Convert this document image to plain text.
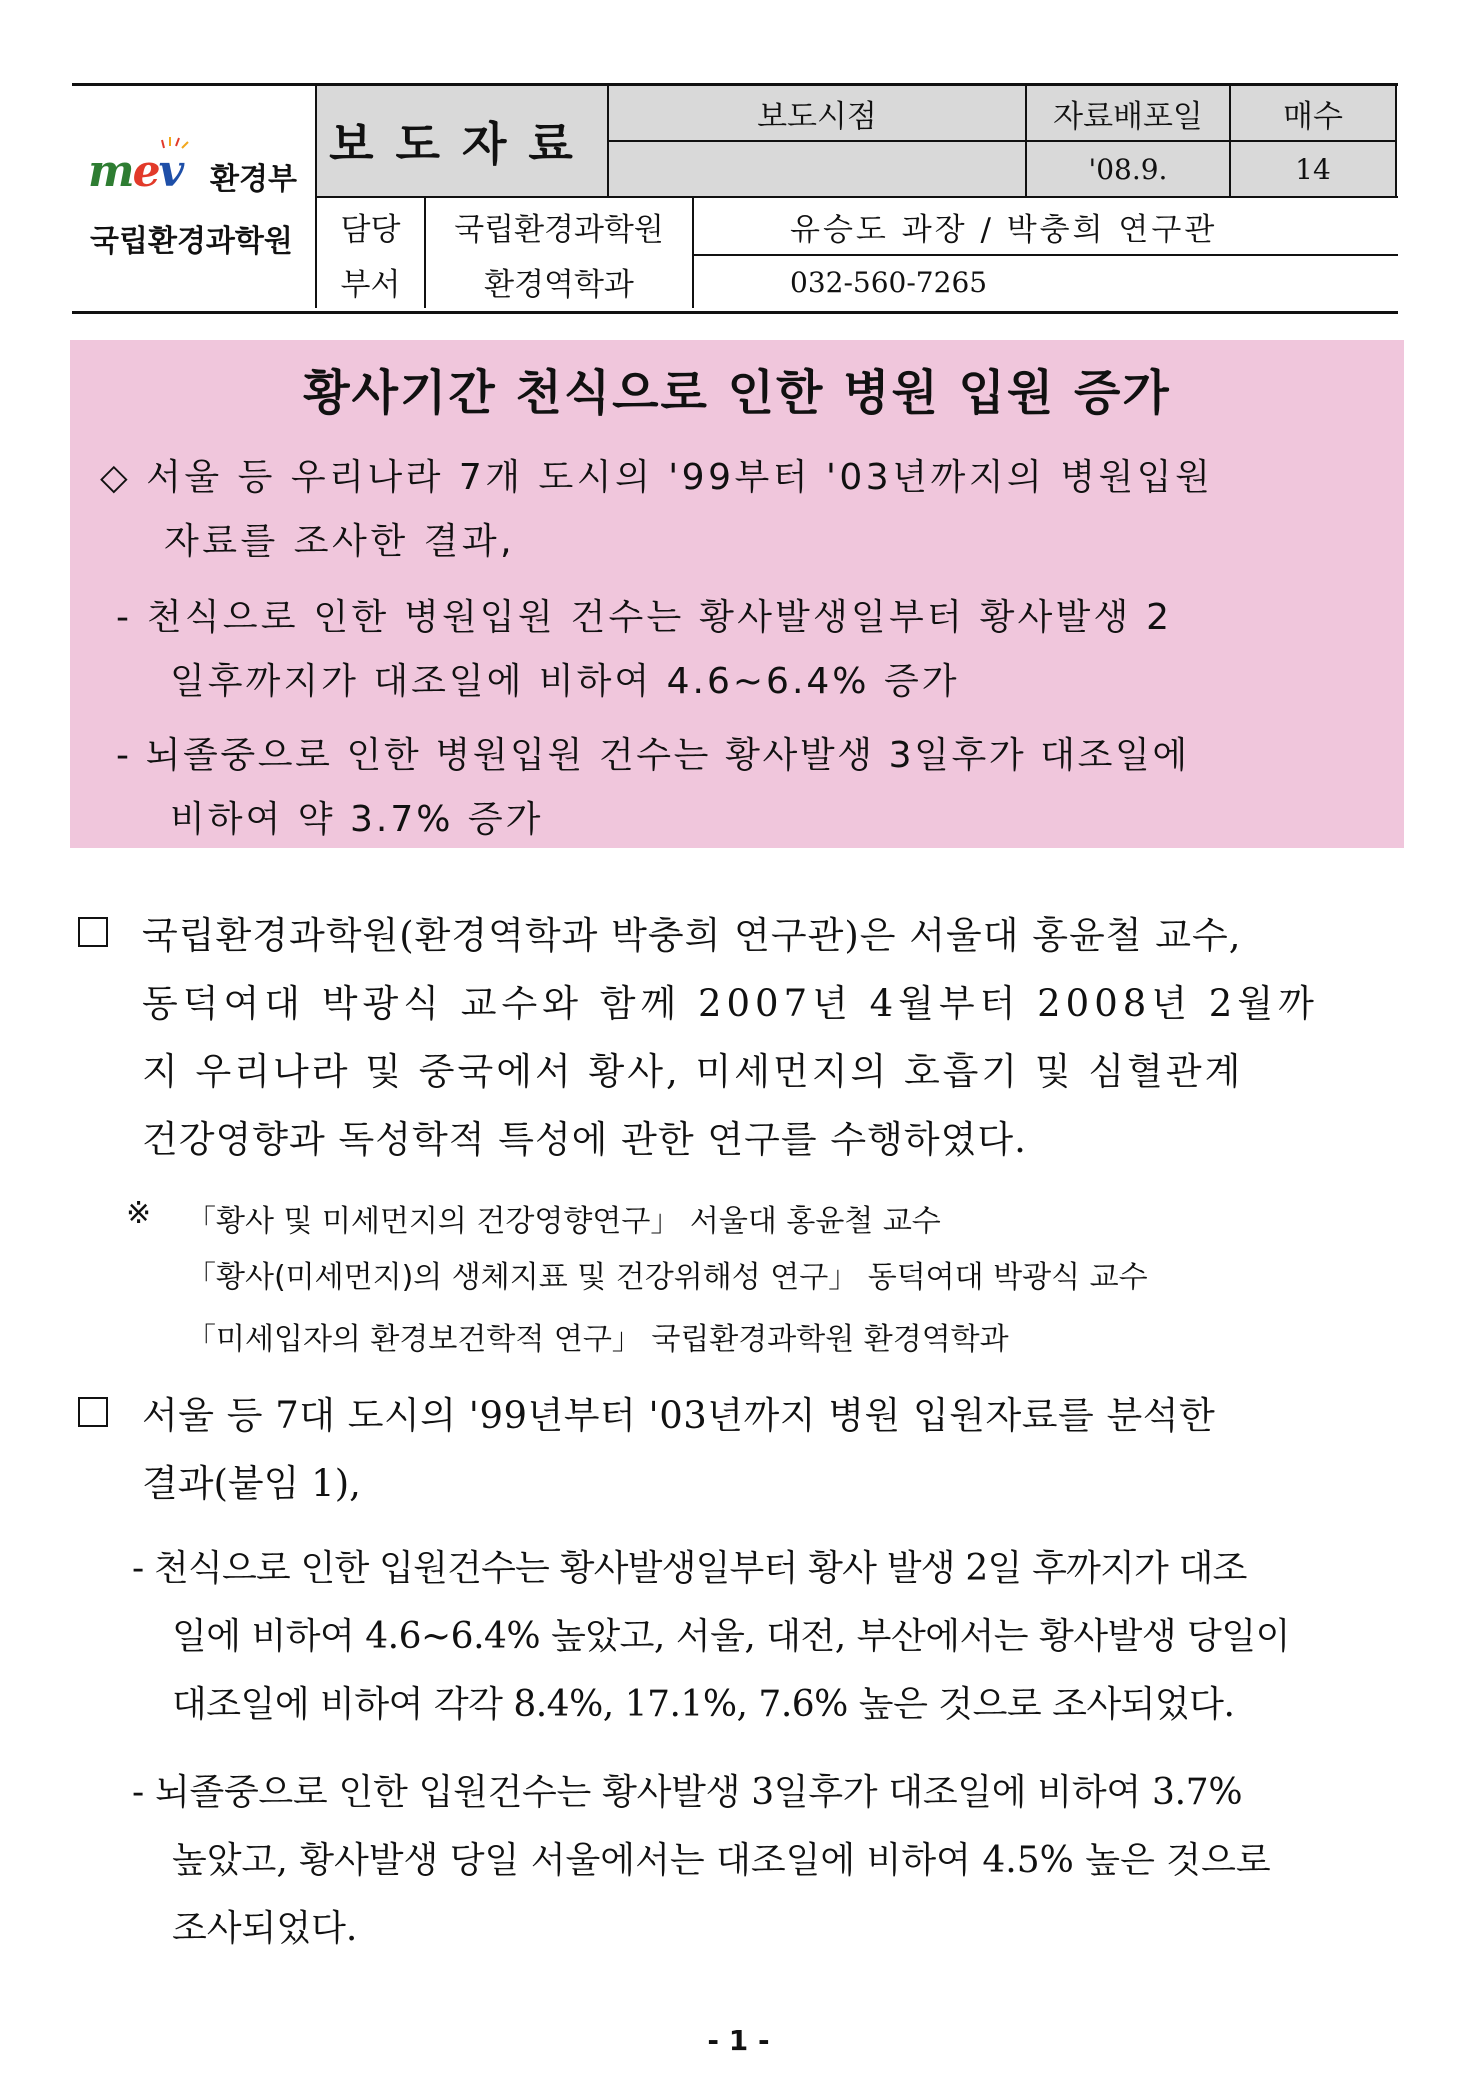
mev 환경부
국립환경과학원
보도자료
보도시점	자료배포일
'08.9.
매수
14
담당
부서
국립환경과학원
환경역학과
유승도 과장 / 박충희 연구관
032-560-7265
황사기간 천식으로 인한 병원 입원 증가
◇ 서울 등 우리나라 7개 도시의 '99부터 '03년까지의 병원입원
자료를 조사한 결과,
- 천식으로 인한 병원입원 건수는 황사발생일부터 황사발생 2
일후까지가 대조일에 비하여 4.6~6.4% 증가
- 뇌졸중으로 인한 병원입원 건수는 황사발생 3일후가 대조일에
비하여 약 3.7% 증가
국립환경과학원(환경역학과 박충희 연구관)은 서울대 홍윤철 교수,
동덕여대 박광식 교수와 함께 2007년 4월부터 2008년 2월까
지 우리나라 및 중국에서 황사, 미세먼지의 호흡기 및 심혈관계
건강영향과 독성학적 특성에 관한 연구를 수행하였다.
※ 「황사 및 미세먼지의 건강영향연구」 서울대 홍윤철 교수
「황사(미세먼지)의 생체지표 및 건강위해성 연구」 동덕여대 박광식 교수
「미세입자의 환경보건학적 연구」 국립환경과학원 환경역학과
서울 등 7대 도시의 '99년부터 '03년까지 병원 입원자료를 분석한
결과(붙임 1),
- 천식으로 인한 입원건수는 황사발생일부터 황사 발생 2일 후까지가 대조
일에 비하여 4.6~6.4% 높았고, 서울, 대전, 부산에서는 황사발생 당일이
대조일에 비하여 각각 8.4%, 17.1%, 7.6% 높은 것으로 조사되었다.
- 뇌졸중으로 인한 입원건수는 황사발생 3일후가 대조일에 비하여 3.7%
높았고, 황사발생 당일 서울에서는 대조일에 비하여 4.5% 높은 것으로
조사되었다.
- 1 -
